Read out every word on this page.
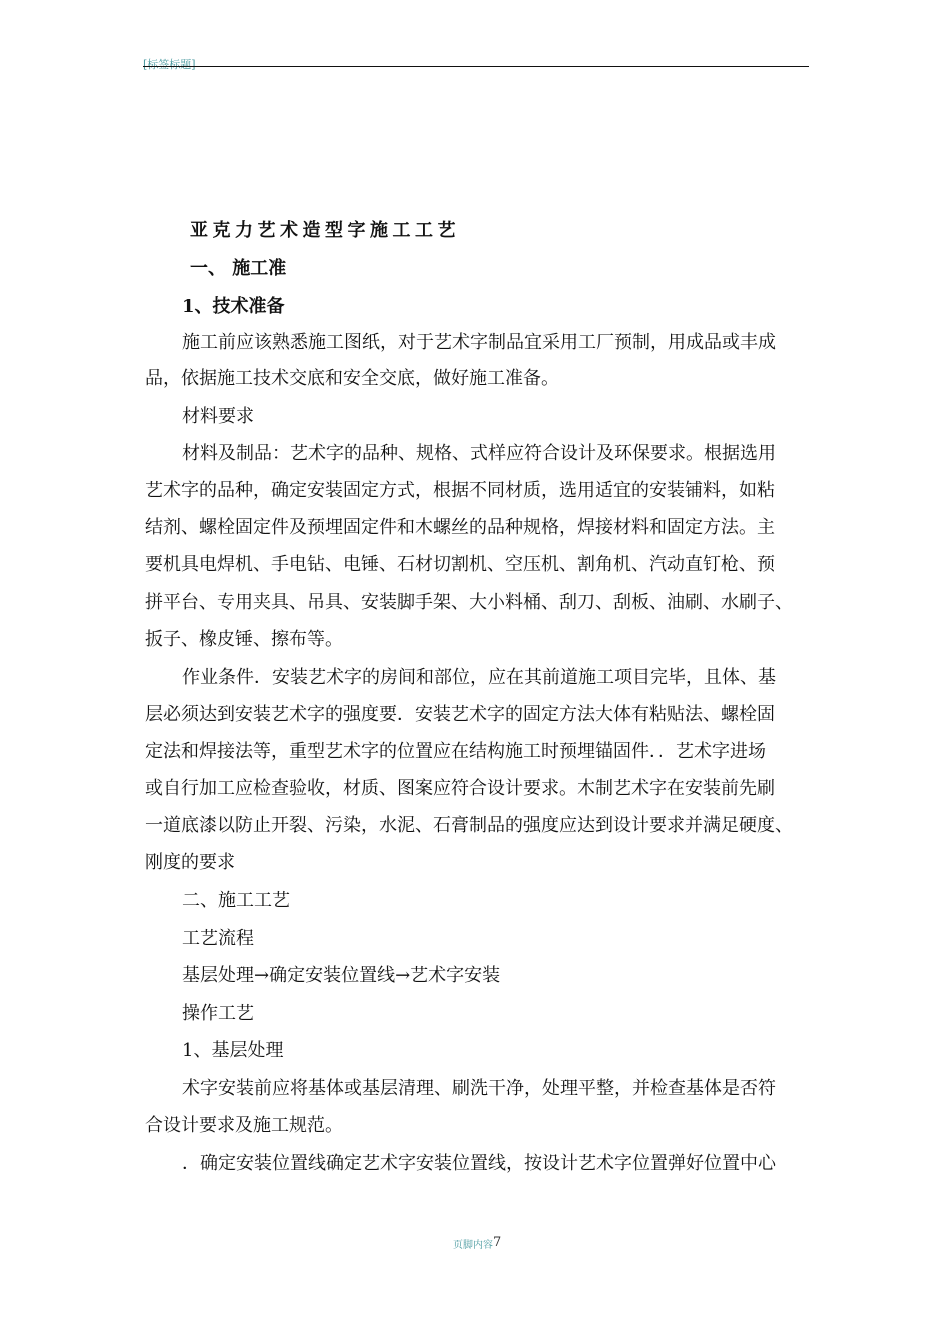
[标签标题]
亚克力艺术造型字施工工艺
一、 施工准
1、技术准备
施工前应该熟悉施工图纸，对于艺术字制品宜采用工厂预制，用成品或丰成
品，依据施工技术交底和安全交底，做好施工准备。
材料要求
材料及制品：艺术字的品种、规格、式样应符合设计及环保要求。根据选用
艺术字的品种，确定安装固定方式，根据不同材质，选用适宜的安装铺料，如粘
结剂、螺栓固定件及预埋固定件和木螺丝的品种规格，焊接材料和固定方法。主
要机具电焊机、手电钻、电锤、石材切割机、空压机、割角机、汽动直钉枪、预
拼平台、专用夹具、吊具、安装脚手架、大小料桶、刮刀、刮板、油刷、水刷子、
扳子、橡皮锤、擦布等。
作业条件．安装艺术字的房间和部位，应在其前道施工项目完毕，且体、基
层必须达到安装艺术字的强度要．安装艺术字的固定方法大体有粘贴法、螺栓固
定法和焊接法等，重型艺术字的位置应在结构施工时预埋锚固件．．艺术字进场
或自行加工应检查验收，材质、图案应符合设计要求。木制艺术字在安装前先刷
一道底漆以防止开裂、污染，水泥、石膏制品的强度应达到设计要求并满足硬度、
刚度的要求
二、施工工艺
工艺流程
基层处理→确定安装位置线→艺术字安装
操作工艺
1、基层处理
术字安装前应将基体或基层清理、刷洗干净，处理平整，并检查基体是否符
合设计要求及施工规范。
．确定安装位置线确定艺术字安装位置线，按设计艺术字位置弹好位置中心
页脚内容7
